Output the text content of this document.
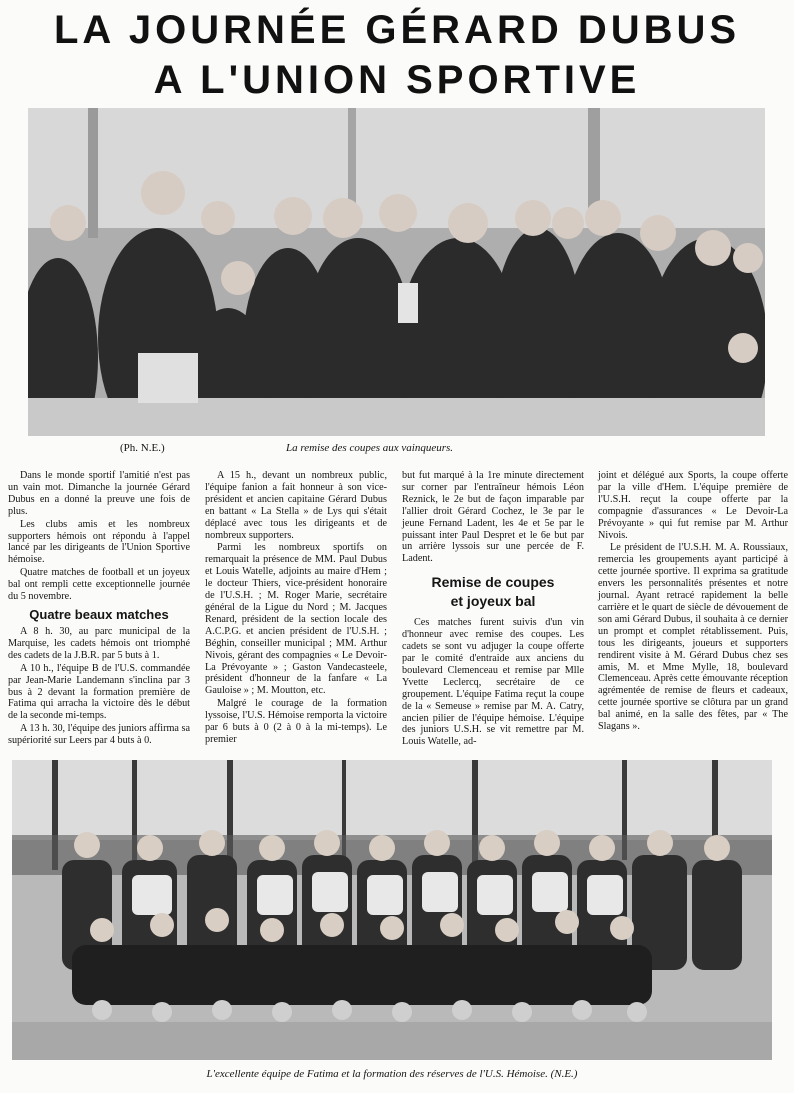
LA JOURNÉE GÉRARD DUBUS
A L'UNION SPORTIVE
(Ph. N.E.)	La remise des coupes aux vainqueurs.

Dans le monde sportif l'amitié n'est pas un vain mot. Dimanche la journée Gérard Dubus en a donné la preuve une fois de plus.

Les clubs amis et les nombreux supporters hémois ont répondu à l'appel lancé par les dirigeants de l'Union Sportive hémoise.

Quatre matches de football et un joyeux bal ont rempli cette exceptionnelle journée du 5 novembre.

Quatre beaux matches

A 8 h. 30, au parc municipal de la Marquise, les cadets hémois ont triomphé des cadets de la J.B.R. par 5 buts à 1.

A 10 h., l'équipe B de l'U.S. commandée par Jean-Marie Landemann s'inclina par 3 bus à 2 devant la formation première de Fatima qui arracha la victoire dès le début de la seconde mi-temps.

A 13 h. 30, l'équipe des juniors affirma sa supériorité sur Leers par 4 buts à 0.

A 15 h., devant un nombreux public, l'équipe fanion a fait honneur à son vice-président et ancien capitaine Gérard Dubus en battant « La Stella » de Lys qui s'était déplacé avec tous les dirigeants et de nombreux supporters.

Parmi les nombreux sportifs on remarquait la présence de MM. Paul Dubus et Louis Watelle, adjoints au maire d'Hem ; le docteur Thiers, vice-président honoraire de l'U.S.H. ; M. Roger Marie, secrétaire général de la Ligue du Nord ; M. Jacques Renard, président de la section locale des A.C.P.G. et ancien président de l'U.S.H. ; Béghin, conseiller municipal ; MM. Arthur Nivois, gérant des compagnies « Le Devoir-La Prévoyante » ; Gaston Vandecasteele, président d'honneur de la fanfare « La Gauloise » ; M. Moutton, etc.

Malgré le courage de la formation lyssoise, l'U.S. Hémoise remporta la victoire par 6 buts à 0 (2 à 0 à la mi-temps). Le premier

but fut marqué à la 1re minute directement sur corner par l'entraîneur hémois Léon Reznick, le 2e but de façon imparable par l'allier droit Gérard Cochez, le 3e par le jeune Fernand Ladent, les 4e et 5e par le puissant inter Paul Despret et le 6e but par un arrière lyssois sur une percée de F. Ladent.

Remise de coupes
et joyeux bal

Ces matches furent suivis d'un vin d'honneur avec remise des coupes. Les cadets se sont vu adjuger la coupe offerte par le comité d'entraide aux anciens du boulevard Clemenceau et remise par Mlle Yvette Leclercq, secrétaire de ce groupement. L'équipe Fatima reçut la coupe de la « Semeuse » remise par M. A. Catry, ancien pilier de l'équipe hémoise. L'équipe des juniors U.S.H. se vit remettre par M. Louis Watelle, ad-

joint et délégué aux Sports, la coupe offerte par la ville d'Hem. L'équipe première de l'U.S.H. reçut la coupe offerte par la compagnie d'assurances « Le Devoir-La Prévoyante » qui fut remise par M. Arthur Nivois.

Le président de l'U.S.H. M. A. Roussiaux, remercia les groupements ayant participé à cette journée sportive. Il exprima sa gratitude envers les personnalités présentes et notre journal. Ayant retracé rapidement la belle carrière et le quart de siècle de dévouement de son ami Gérard Dubus, il souhaita à ce dernier un prompt et complet rétablissement. Puis, tous les dirigeants, joueurs et supporters rendirent visite à M. Gérard Dubus chez ses amis, M. et Mme Mylle, 18, boulevard Clemenceau. Après cette émouvante réception agrémentée de remise de fleurs et cadeaux, cette journée sportive se clôtura par un grand bal animé, en la salle des fêtes, par « The Slagans ».

L'excellente équipe de Fatima et la formation des réserves de l'U.S. Hémoise. (N.E.)
